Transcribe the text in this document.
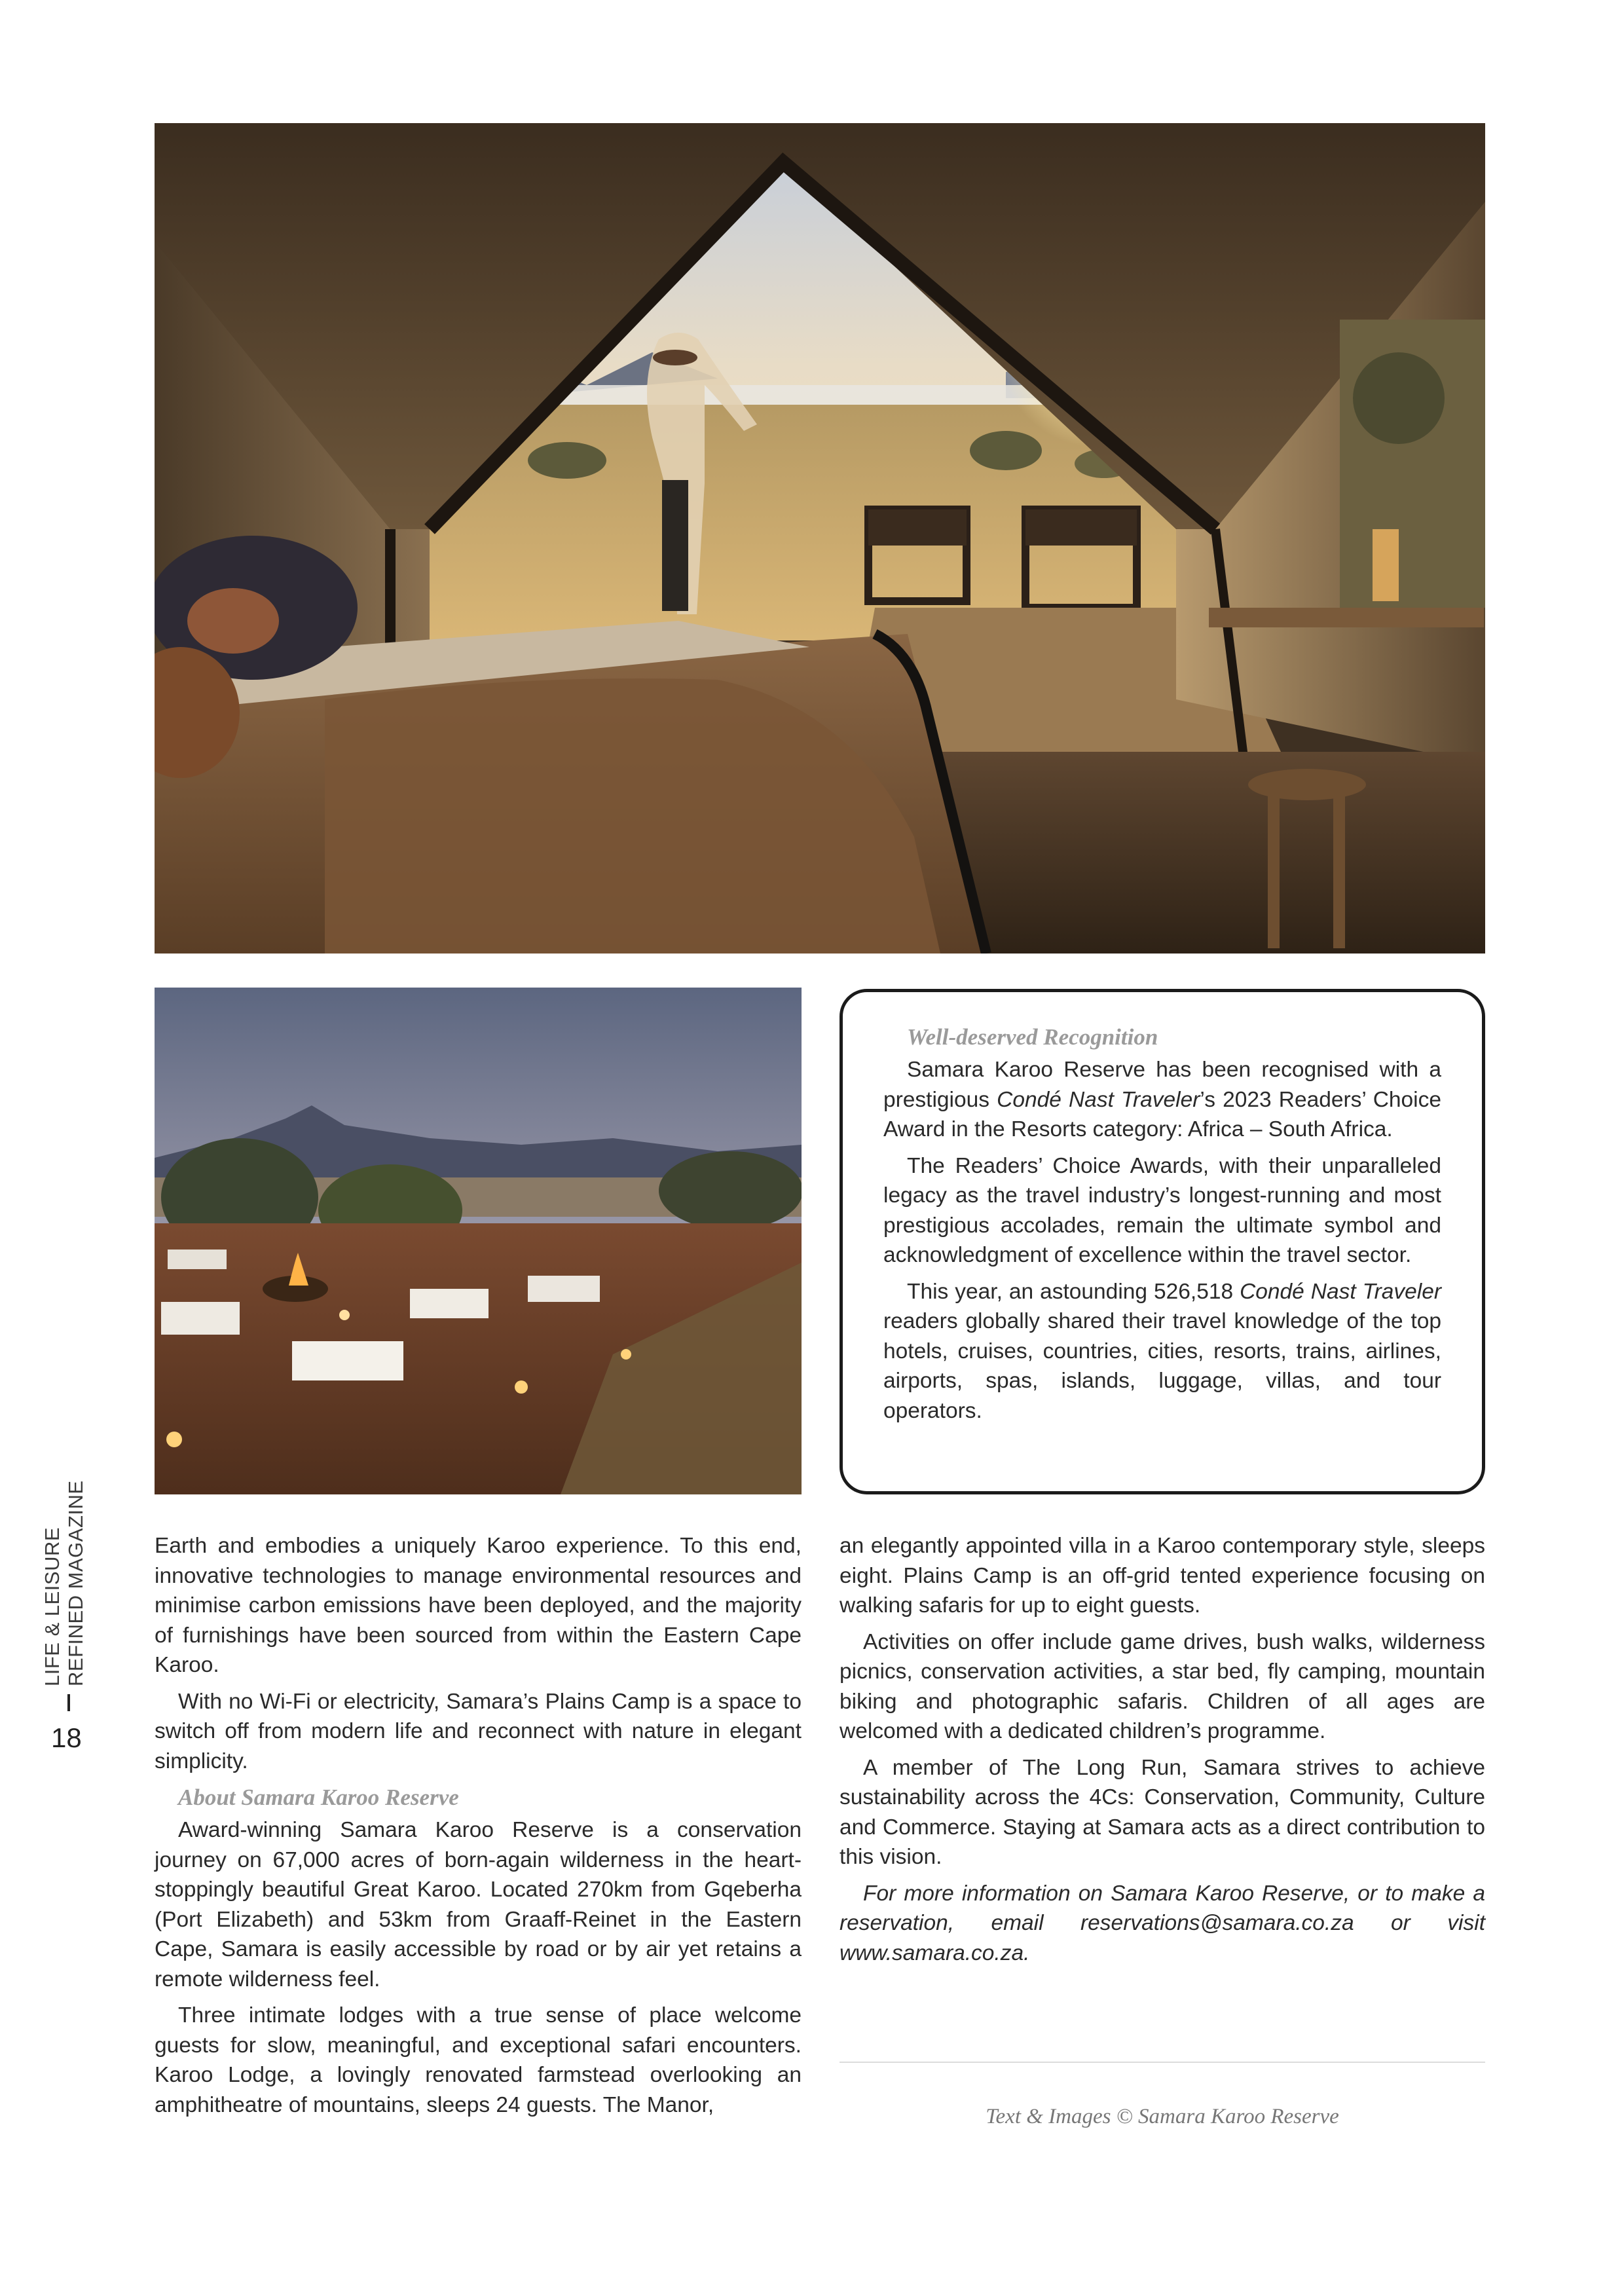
Well-deserved Recognition

Samara Karoo Reserve has been recognised with a prestigious Condé Nast Traveler’s 2023 Readers’ Choice Award in the Resorts category: Africa – South Africa.

The Readers’ Choice Awards, with their unparalleled legacy as the travel industry’s longest-running and most prestigious accolades, remain the ultimate symbol and acknowledgment of excellence within the travel sector.

This year, an astounding 526,518 Condé Nast Traveler readers globally shared their travel knowledge of the top hotels, cruises, countries, cities, resorts, trains, airlines, airports, spas, islands, luggage, villas, and tour operators.

Earth and embodies a uniquely Karoo experience. To this end, innovative technologies to manage environmental resources and minimise carbon emissions have been deployed, and the majority of furnishings have been sourced from within the Eastern Cape Karoo.

With no Wi-Fi or electricity, Samara’s Plains Camp is a space to switch off from modern life and reconnect with nature in elegant simplicity.

About Samara Karoo Reserve

Award-winning Samara Karoo Reserve is a conservation journey on 67,000 acres of born-again wilderness in the heart-stoppingly beautiful Great Karoo. Located 270km from Gqeberha (Port Elizabeth) and 53km from Graaff-Reinet in the Eastern Cape, Samara is easily accessible by road or by air yet retains a remote wilderness feel.

Three intimate lodges with a true sense of place welcome guests for slow, meaningful, and exceptional safari encounters. Karoo Lodge, a lovingly renovated farmstead overlooking an amphitheatre of mountains, sleeps 24 guests. The Manor,

an elegantly appointed villa in a Karoo contemporary style, sleeps eight. Plains Camp is an off-grid tented experience focusing on walking safaris for up to eight guests.

Activities on offer include game drives, bush walks, wilderness picnics, conservation activities, a star bed, fly camping, mountain biking and photographic safaris. Children of all ages are welcomed with a dedicated children’s programme.

A member of The Long Run, Samara strives to achieve sustainability across the 4Cs: Conservation, Community, Culture and Commerce. Staying at Samara acts as a direct contribution to this vision.

For more information on Samara Karoo Reserve, or to make a reservation, email reservations@samara.co.za or visit www.samara.co.za.

LIFE & LEISURE REFINED MAGAZINE
18
Text & Images © Samara Karoo Reserve
